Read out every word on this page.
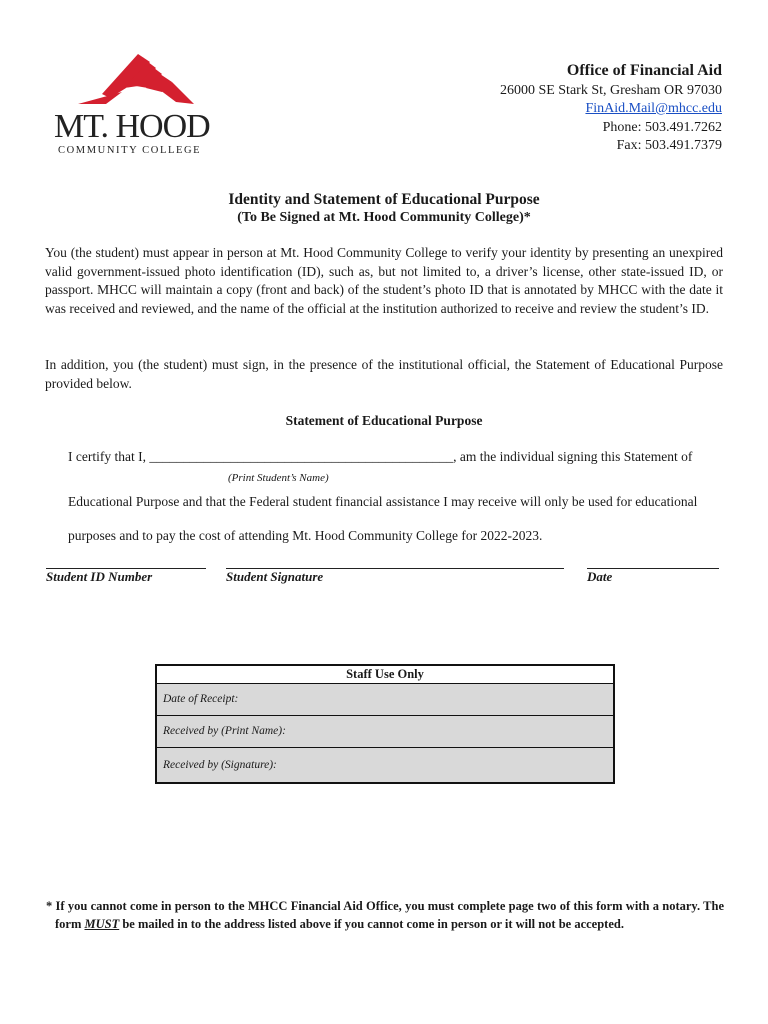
MT. HOOD
COMMUNITY COLLEGE
Office of Financial Aid
26000 SE Stark St, Gresham OR 97030
FinAid.Mail@mhcc.edu
Phone: 503.491.7262
Fax: 503.491.7379
Identity and Statement of Educational Purpose
(To Be Signed at Mt. Hood Community College)*
You (the student) must appear in person at Mt. Hood Community College to verify your identity by presenting an unexpired valid government-issued photo identification (ID), such as, but not limited to, a driver’s license, other state-issued ID, or passport. MHCC will maintain a copy (front and back) of the student’s photo ID that is annotated by MHCC with the date it was received and reviewed, and the name of the official at the institution authorized to receive and review the student’s ID.
In addition, you (the student) must sign, in the presence of the institutional official, the Statement of Educational Purpose provided below.
Statement of Educational Purpose
I certify that I, _____________________________________________, am the individual signing this Statement of
(Print Student’s Name)
Educational Purpose and that the Federal student financial assistance I may receive will only be used for educational
purposes and to pay the cost of attending Mt. Hood Community College for 2022-2023.
Student ID Number	Student Signature	Date
Staff Use Only
Date of Receipt:
Received by (Print Name):
Received by (Signature):
* If you cannot come in person to the MHCC Financial Aid Office, you must complete page two of this form with a notary. The form MUST be mailed in to the address listed above if you cannot come in person or it will not be accepted.
